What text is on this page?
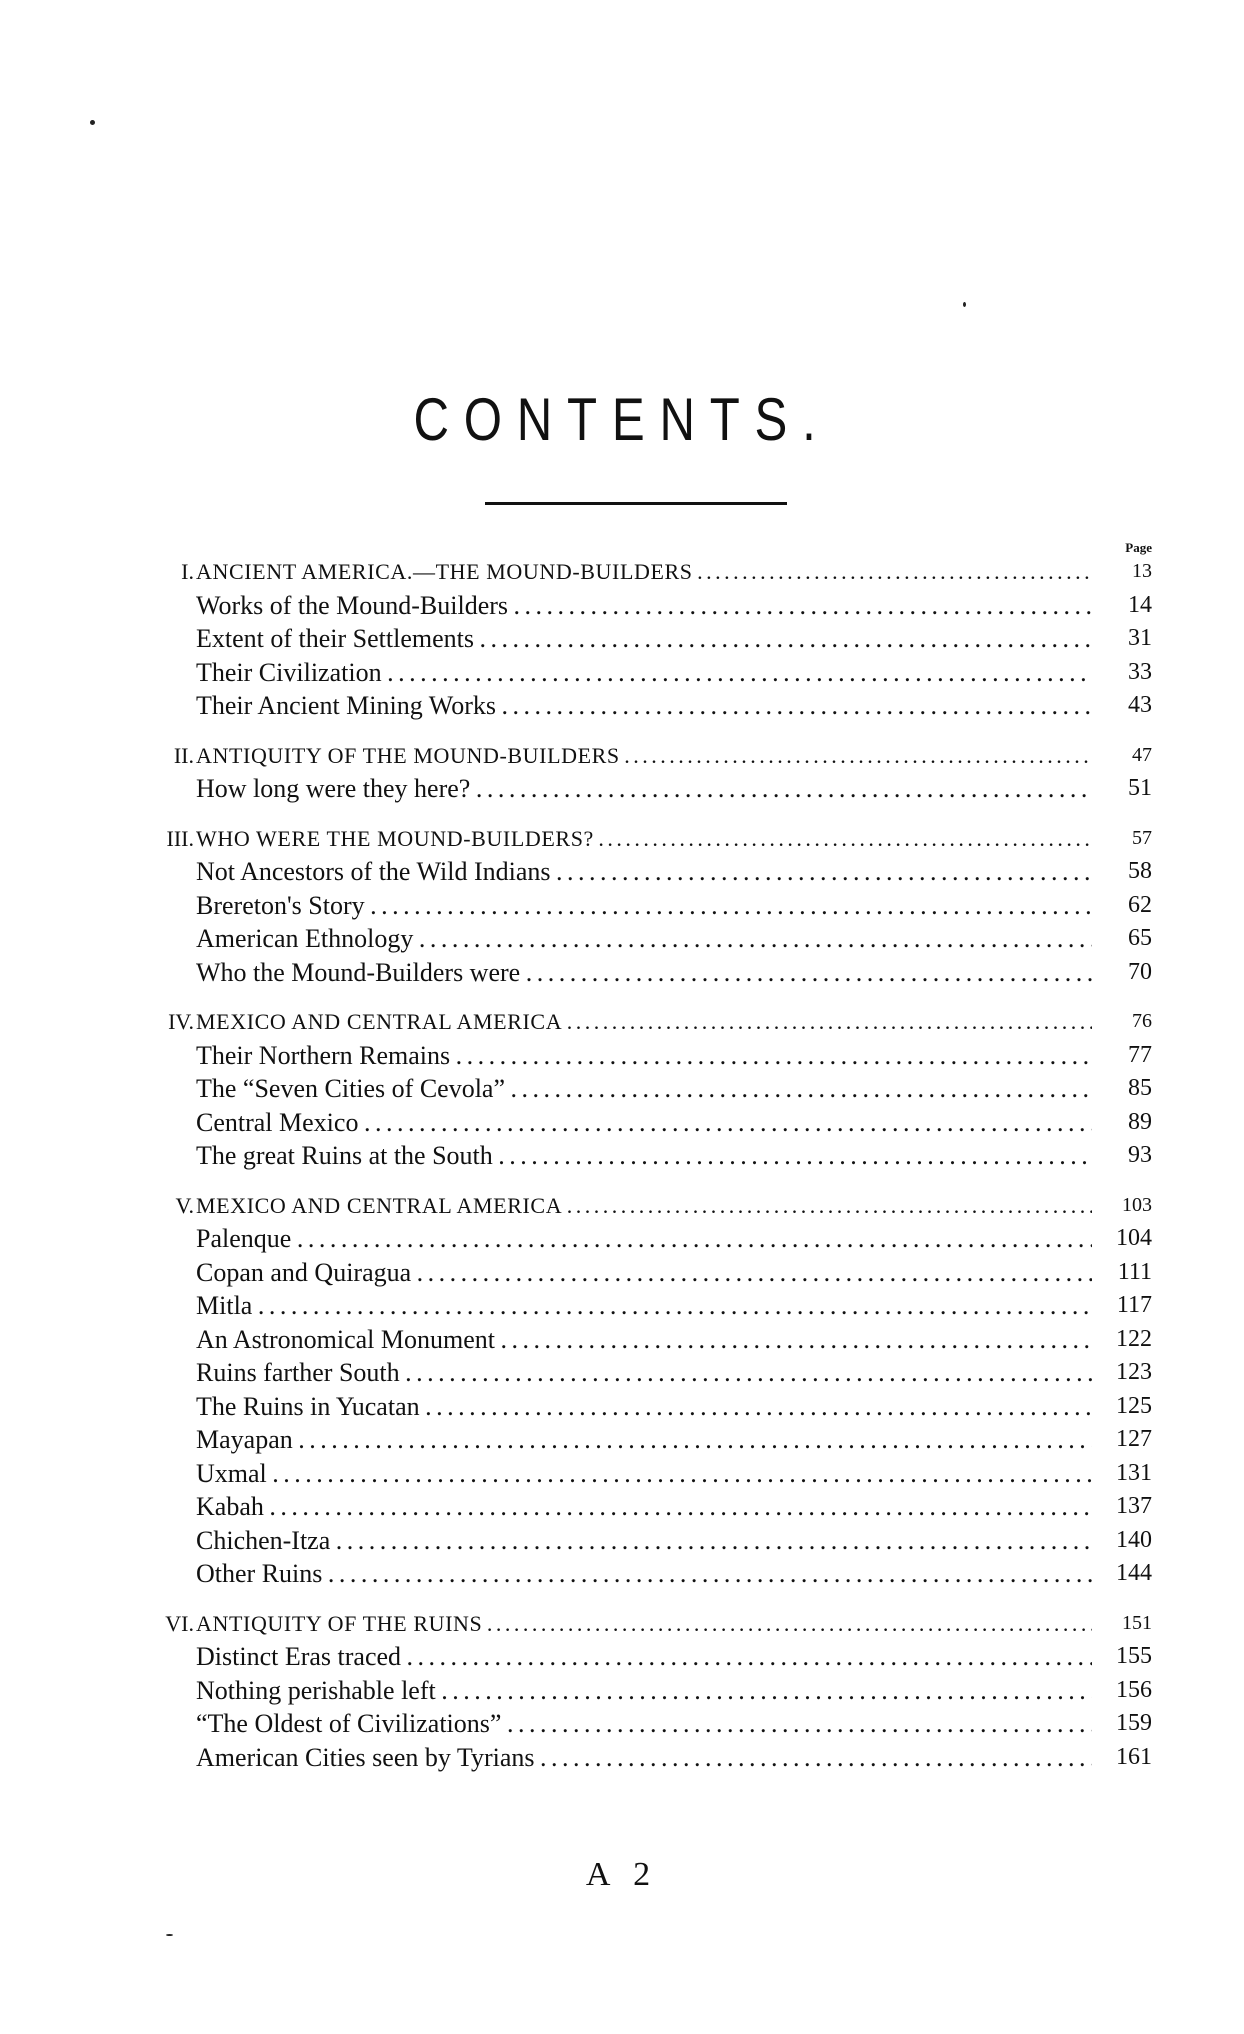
CONTENTS.
Page
I. ANCIENT AMERICA.—THE MOUND-BUILDERS . . .	13
Works of the Mound-Builders . . .	14
Extent of their Settlements . . .	31
Their Civilization . . .	33
Their Ancient Mining Works . . .	43
II. ANTIQUITY OF THE MOUND-BUILDERS . . .	47
How long were they here? . . .	51
III. WHO WERE THE MOUND-BUILDERS? . . .	57
Not Ancestors of the Wild Indians . . .	58
Brereton's Story . . .	62
American Ethnology . . .	65
Who the Mound-Builders were . . .	70
IV. MEXICO AND CENTRAL AMERICA . . .	76
Their Northern Remains . . .	77
The “Seven Cities of Cevola” . . .	85
Central Mexico . . .	89
The great Ruins at the South . . .	93
V. MEXICO AND CENTRAL AMERICA . . .	103
Palenque . . .	104
Copan and Quiragua . . .	111
Mitla . . .	117
An Astronomical Monument . . .	122
Ruins farther South . . .	123
The Ruins in Yucatan . . .	125
Mayapan . . .	127
Uxmal . . .	131
Kabah . . .	137
Chichen-Itza . . .	140
Other Ruins . . .	144
VI. ANTIQUITY OF THE RUINS . . .	151
Distinct Eras traced . . .	155
Nothing perishable left . . .	156
“The Oldest of Civilizations” . . .	159
American Cities seen by Tyrians . . .	161
A 2
